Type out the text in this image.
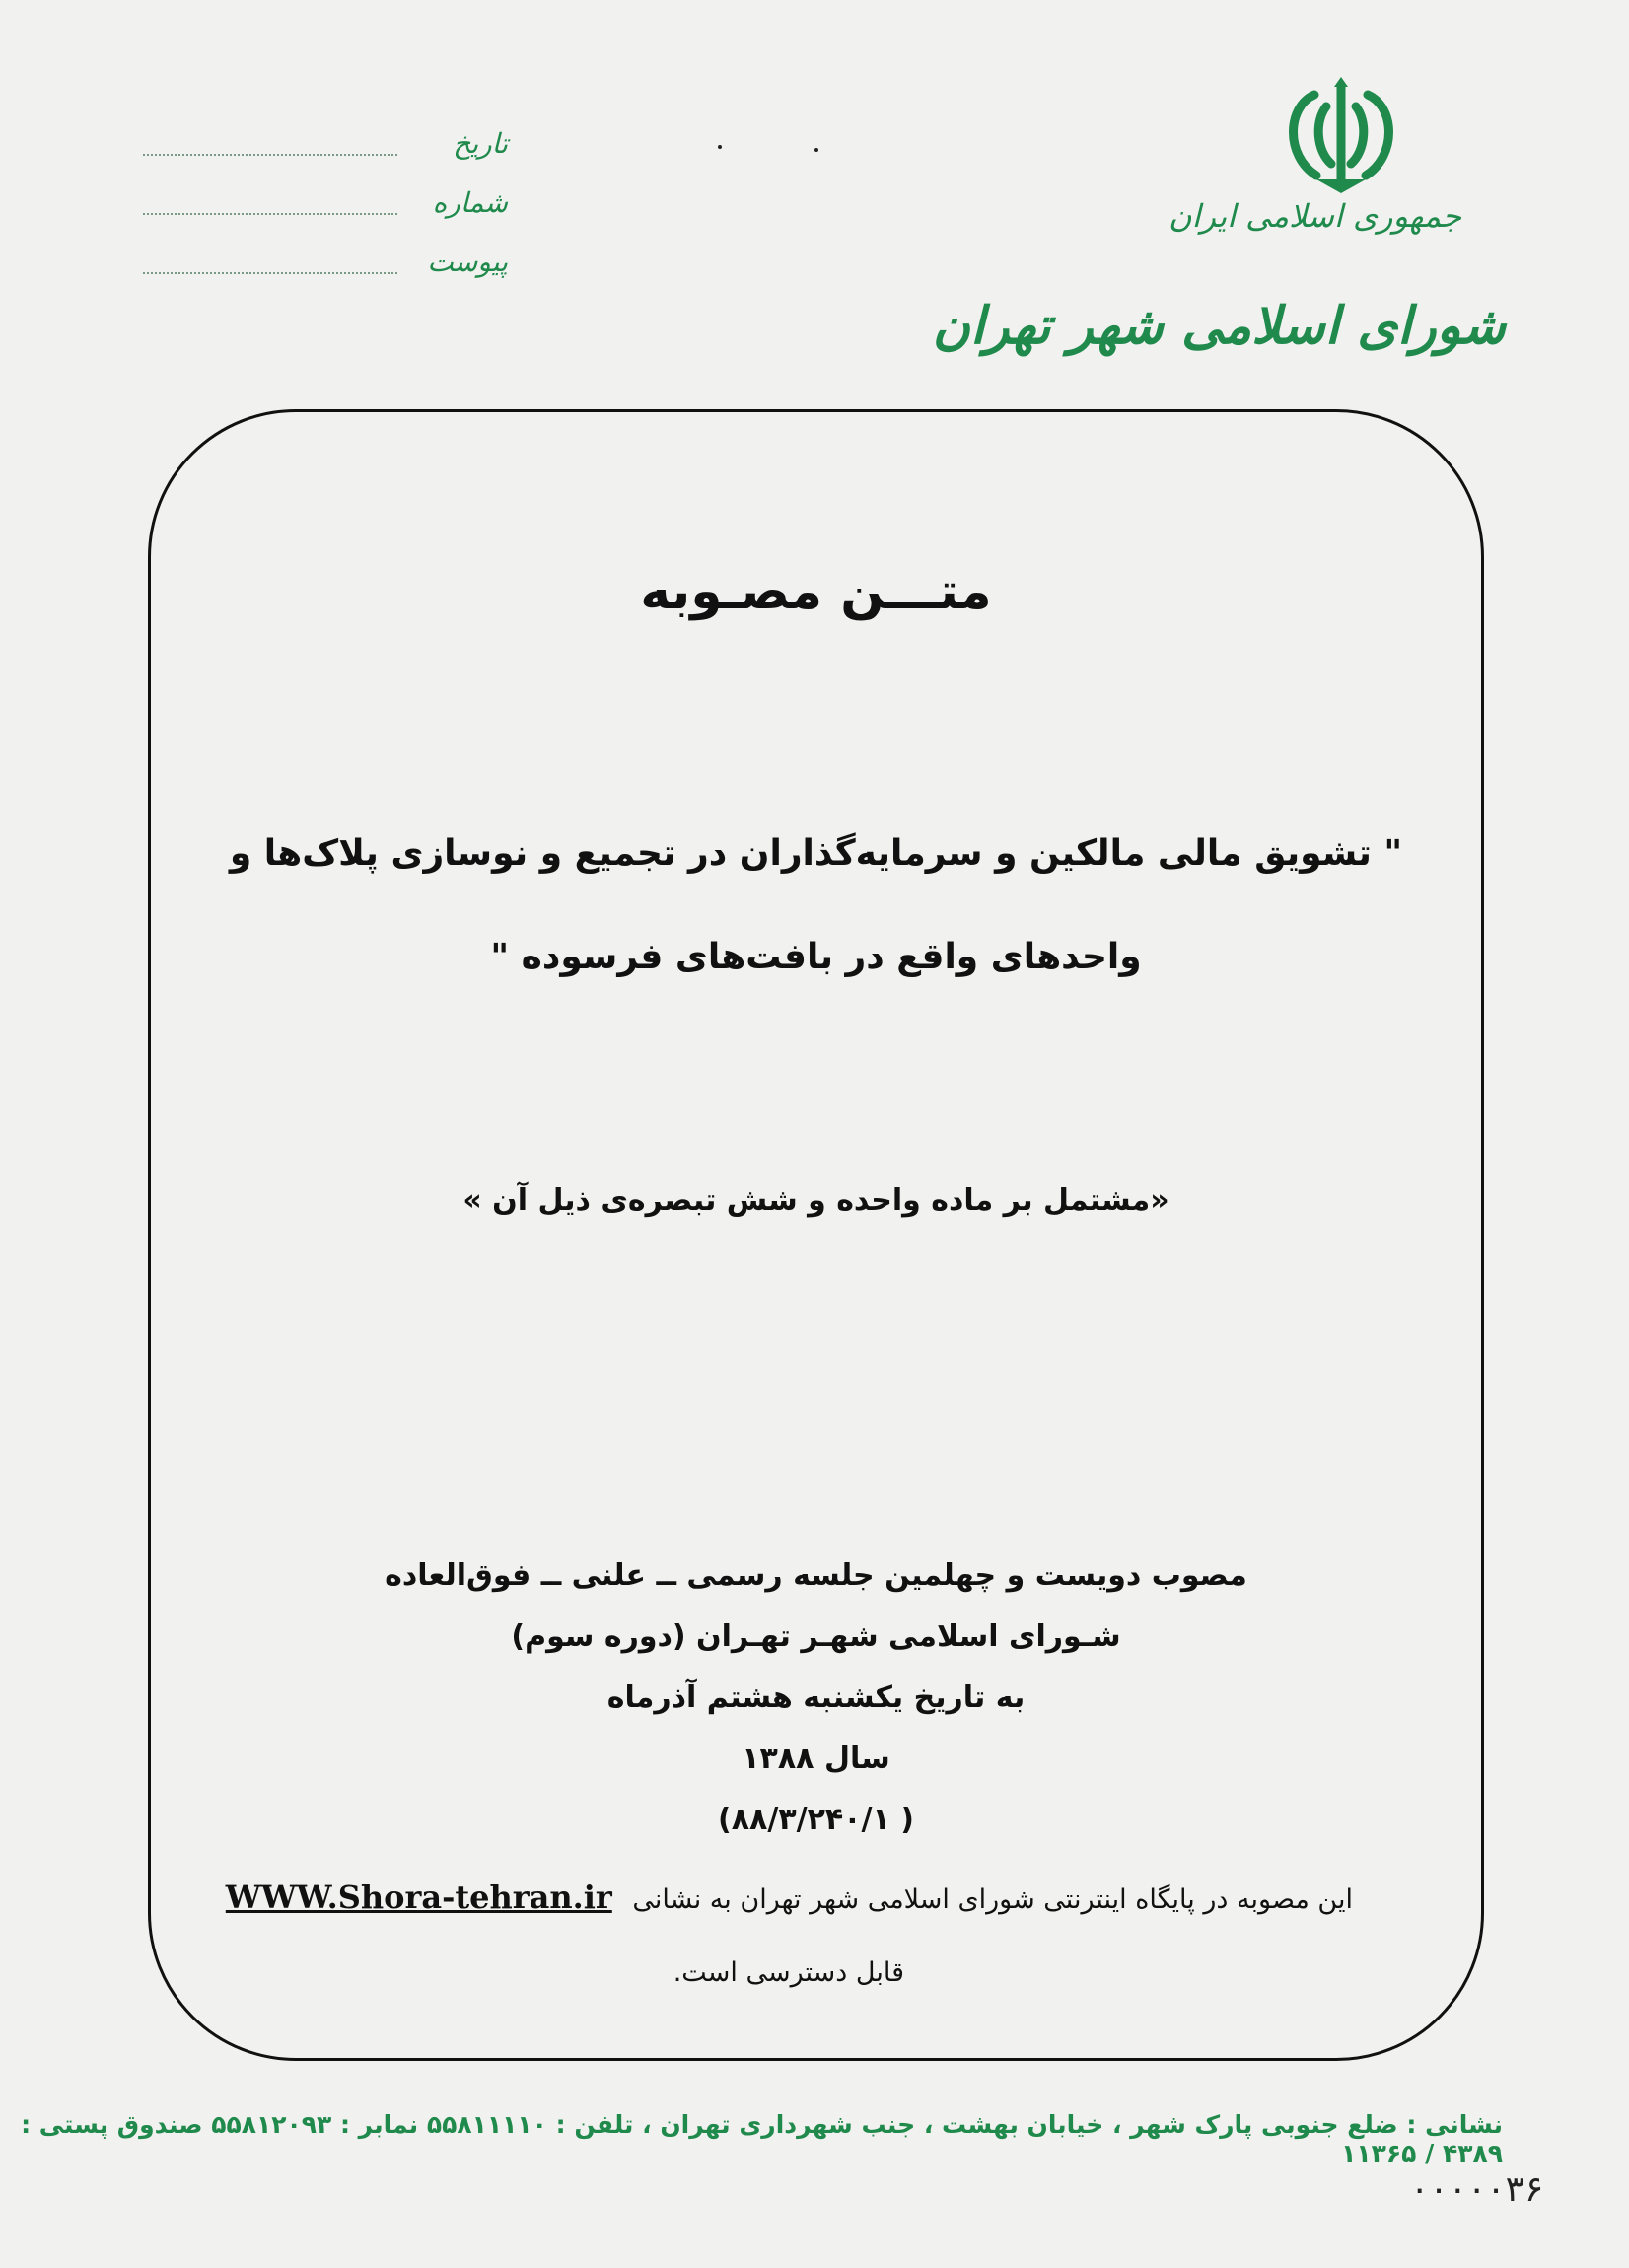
جمهوری اسلامی ایران
شورای اسلامی شهر تهران
تاریخ
شماره
پیوست
متـــن مصـوبه
" تشویق مالی مالکین و سرمایه‌گذاران در تجمیع و نوسازی پلاک‌ها و
واحدهای واقع در بافت‌های فرسوده "
«مشتمل بر ماده واحده و شش تبصره‌ی ذیل آن »
مصوب دویست و چهلمین جلسه رسمی ــ علنی ــ فوق‌العاده
شـورای اسلامی شهـر تهـران (دوره سوم)
به تاریخ یکشنبه هشتم آذرماه
سال ۱۳۸۸
( ۸۸/۳/۲۴۰/۱)
این مصوبه در پایگاه اینترنتی شورای اسلامی شهر تهران به نشانی WWW.Shora-tehran.ir
قابل دسترسی است.
نشانی : ضلع جنوبی پارک شهر ، خیابان بهشت ، جنب شهرداری تهران ، تلفن : ۵۵۸۱۱۱۱۰ نمابر : ۵۵۸۱۲۰۹۳ صندوق پستی : ۴۳۸۹ / ۱۱۳۶۵
۰۰۰۰۰۳۶
